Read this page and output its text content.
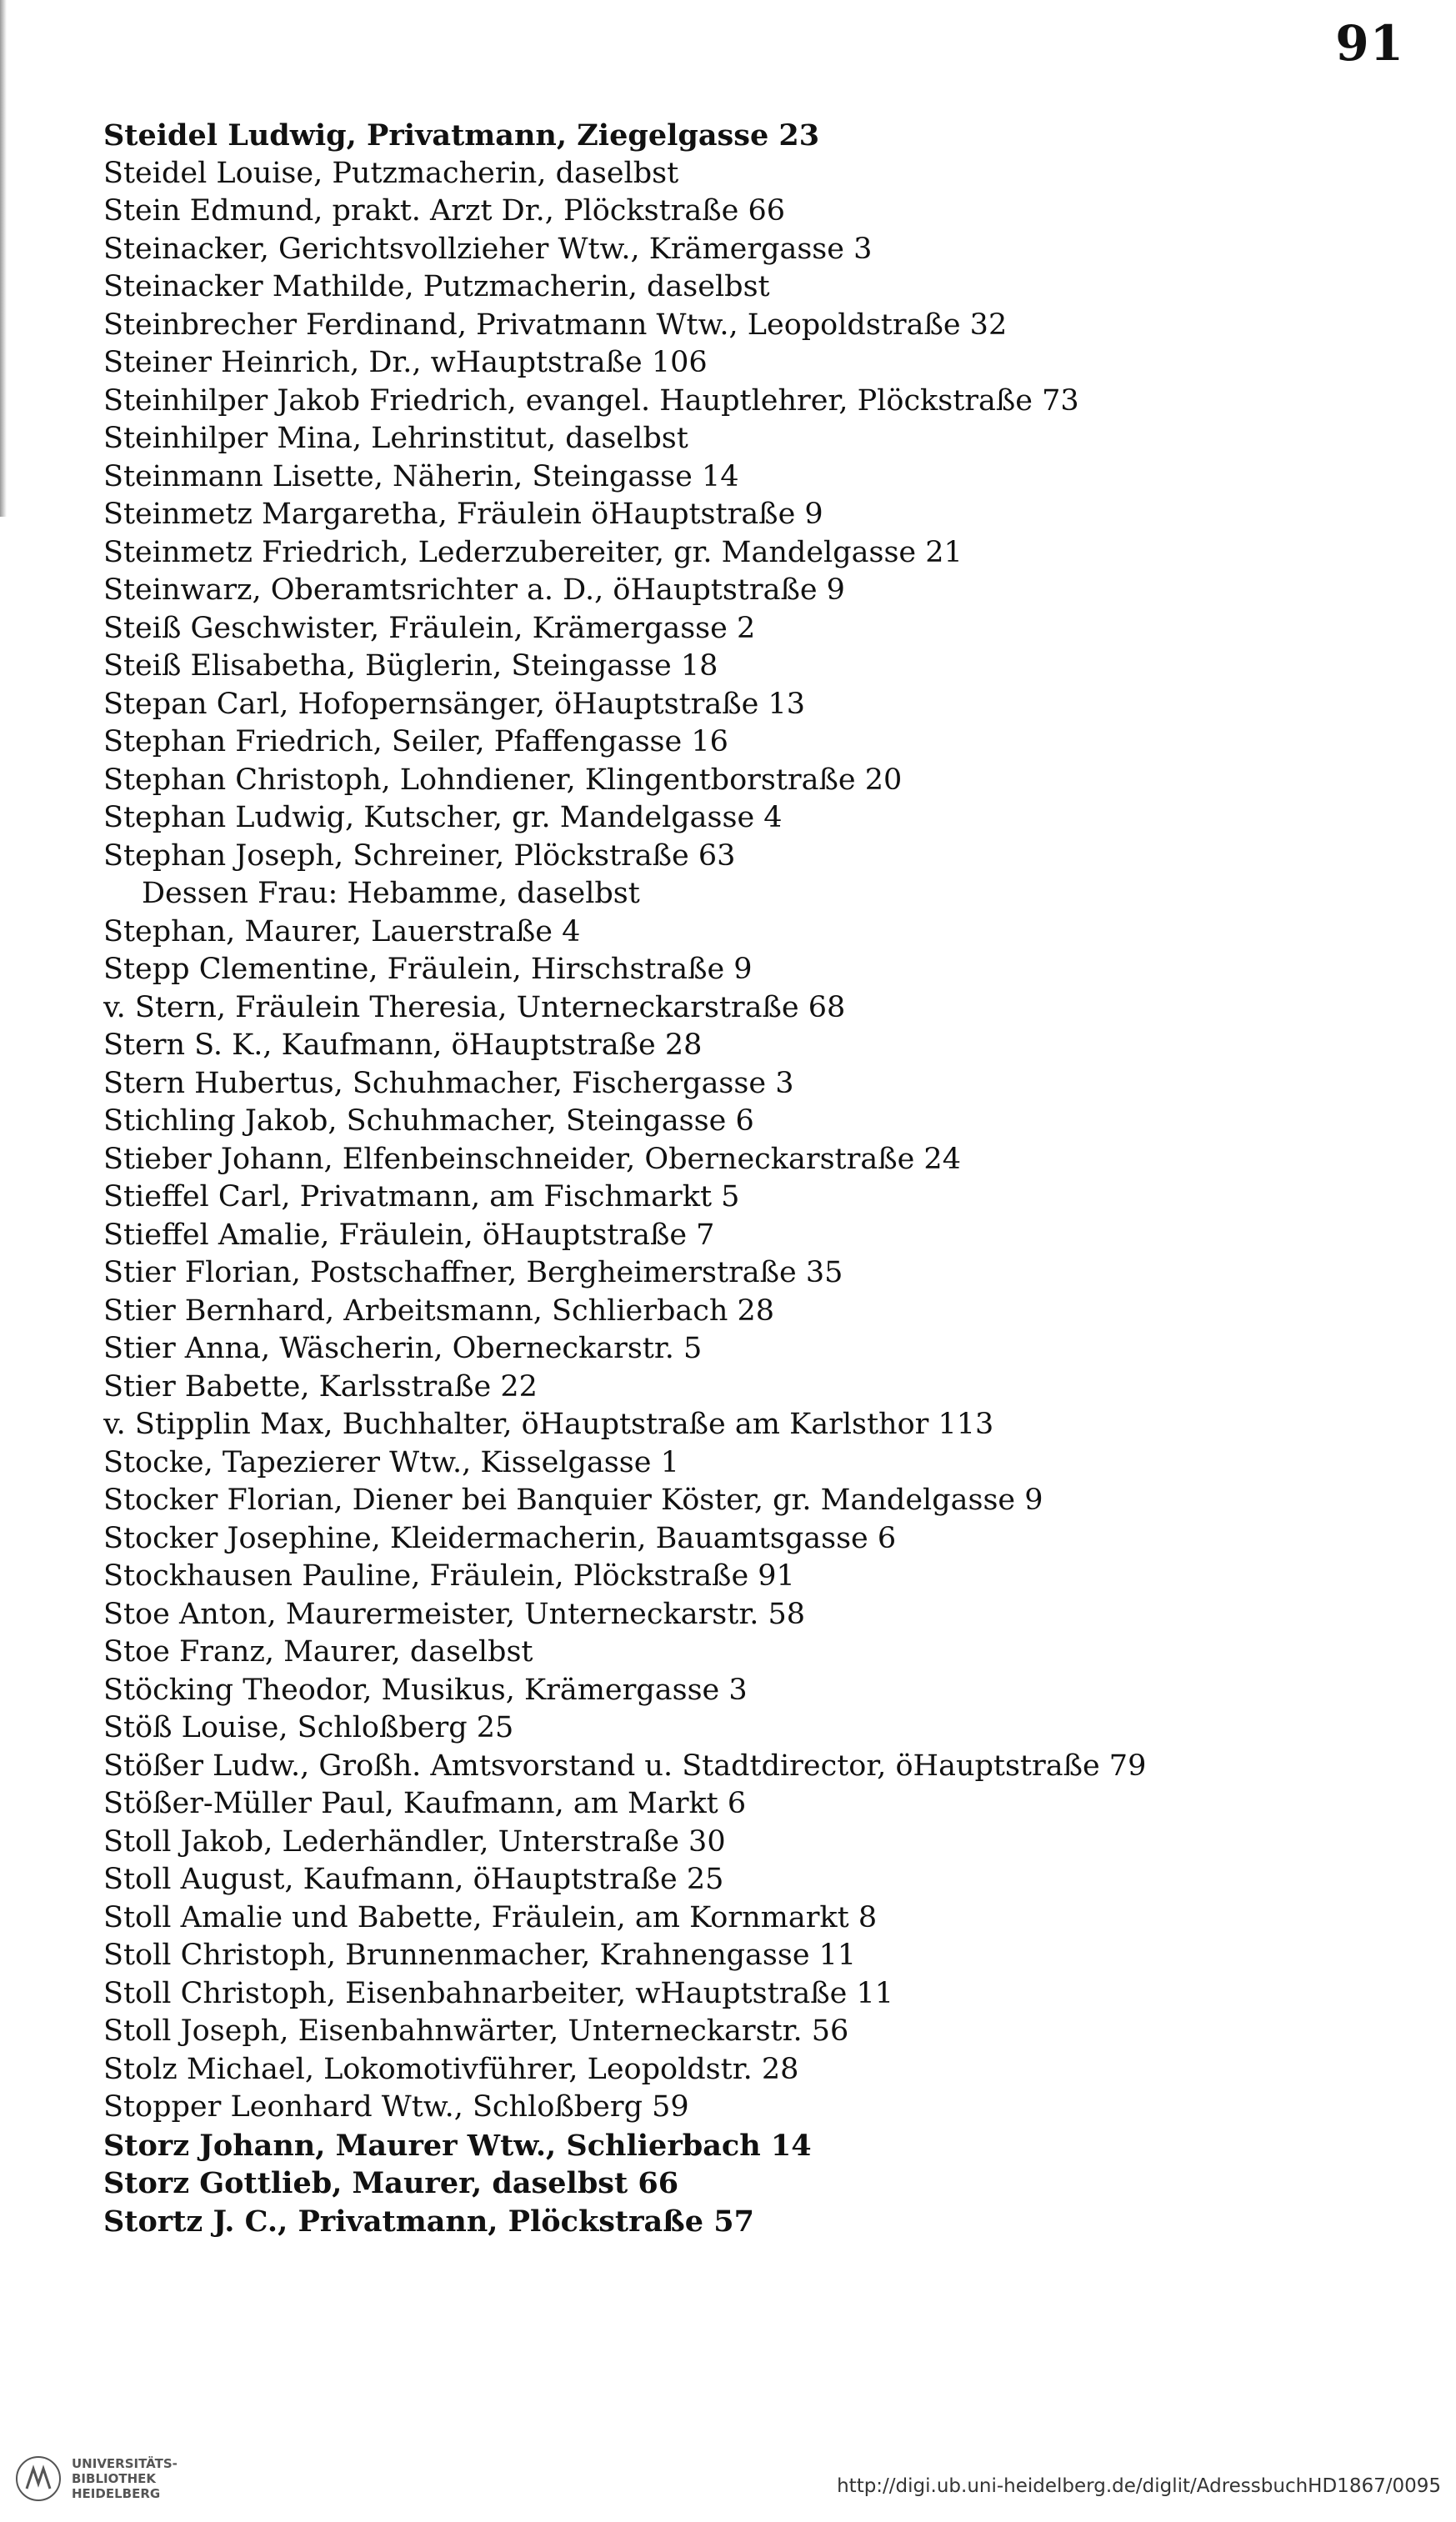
91
Steidel Ludwig, Privatmann, Ziegelgasse 23
Steidel Louise, Putzmacherin, daselbst
Stein Edmund, prakt. Arzt Dr., Plöckstraße 66
Steinacker, Gerichtsvollzieher Wtw., Krämergasse 3
Steinacker Mathilde, Putzmacherin, daselbst
Steinbrecher Ferdinand, Privatmann Wtw., Leopoldstraße 32
Steiner Heinrich, Dr., wHauptstraße 106
Steinhilper Jakob Friedrich, evangel. Hauptlehrer, Plöckstraße 73
Steinhilper Mina, Lehrinstitut, daselbst
Steinmann Lisette, Näherin, Steingasse 14
Steinmetz Margaretha, Fräulein öHauptstraße 9
Steinmetz Friedrich, Lederzubereiter, gr. Mandelgasse 21
Steinwarz, Oberamtsrichter a. D., öHauptstraße 9
Steiß Geschwister, Fräulein, Krämergasse 2
Steiß Elisabetha, Büglerin, Steingasse 18
Stepan Carl, Hofopernsänger, öHauptstraße 13
Stephan Friedrich, Seiler, Pfaffengasse 16
Stephan Christoph, Lohndiener, Klingentborstraße 20
Stephan Ludwig, Kutscher, gr. Mandelgasse 4
Stephan Joseph, Schreiner, Plöckstraße 63
Dessen Frau: Hebamme, daselbst
Stephan, Maurer, Lauerstraße 4
Stepp Clementine, Fräulein, Hirschstraße 9
v. Stern, Fräulein Theresia, Unterneckarstraße 68
Stern S. K., Kaufmann, öHauptstraße 28
Stern Hubertus, Schuhmacher, Fischergasse 3
Stichling Jakob, Schuhmacher, Steingasse 6
Stieber Johann, Elfenbeinschneider, Oberneckarstraße 24
Stieffel Carl, Privatmann, am Fischmarkt 5
Stieffel Amalie, Fräulein, öHauptstraße 7
Stier Florian, Postschaffner, Bergheimerstraße 35
Stier Bernhard, Arbeitsmann, Schlierbach 28
Stier Anna, Wäscherin, Oberneckarstr. 5
Stier Babette, Karlsstraße 22
v. Stipplin Max, Buchhalter, öHauptstraße am Karlsthor 113
Stocke, Tapezierer Wtw., Kisselgasse 1
Stocker Florian, Diener bei Banquier Köster, gr. Mandelgasse 9
Stocker Josephine, Kleidermacherin, Bauamtsgasse 6
Stockhausen Pauline, Fräulein, Plöckstraße 91
Stoe Anton, Maurermeister, Unterneckarstr. 58
Stoe Franz, Maurer, daselbst
Stöcking Theodor, Musikus, Krämergasse 3
Stöß Louise, Schloßberg 25
Stößer Ludw., Großh. Amtsvorstand u. Stadtdirector, öHauptstraße 79
Stößer-Müller Paul, Kaufmann, am Markt 6
Stoll Jakob, Lederhändler, Unterstraße 30
Stoll August, Kaufmann, öHauptstraße 25
Stoll Amalie und Babette, Fräulein, am Kornmarkt 8
Stoll Christoph, Brunnenmacher, Krahnengasse 11
Stoll Christoph, Eisenbahnarbeiter, wHauptstraße 11
Stoll Joseph, Eisenbahnwärter, Unterneckarstr. 56
Stolz Michael, Lokomotivführer, Leopoldstr. 28
Stopper Leonhard Wtw., Schloßberg 59
Storz Johann, Maurer Wtw., Schlierbach 14
Storz Gottlieb, Maurer, daselbst 66
Stortz J. C., Privatmann, Plöckstraße 57
UNIVERSITÄTS-
BIBLIOTHEK
HEIDELBERG	http://digi.ub.uni-heidelberg.de/diglit/AdressbuchHD1867/0095
